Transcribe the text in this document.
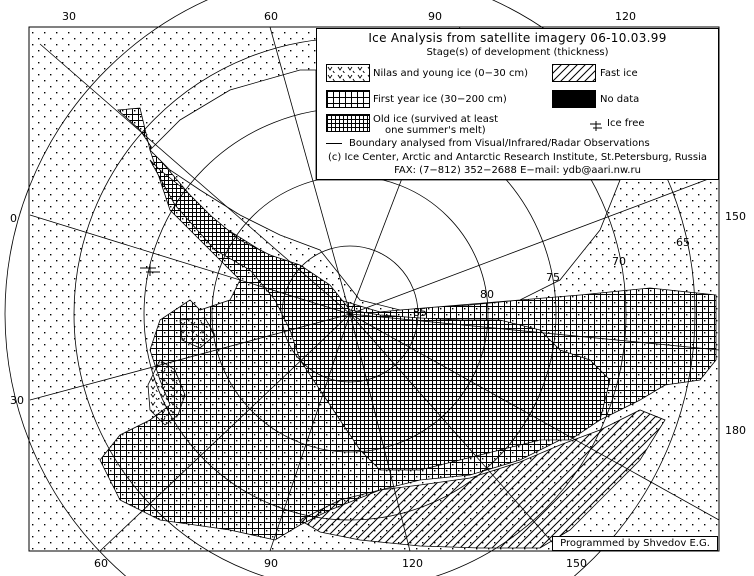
30	60	90	120
60	90	120	150
0
30
150
180
85
80
75
70
65
Ice Analysis from satellite imagery 06-10.03.99
Stage(s) of development (thickness)
Nilas and young ice (0−30 cm)	Fast ice
First year ice (30−200 cm)	No data
Old ice (survived at least
one summer's melt)
Ice free
Boundary analysed from Visual/Infrared/Radar Observations
(c) Ice Center, Arctic and Antarctic Research Institute, St.Petersburg, Russia
FAX: (7−812) 352−2688 E−mail: ydb@aari.nw.ru
Programmed by Shvedov E.G.
